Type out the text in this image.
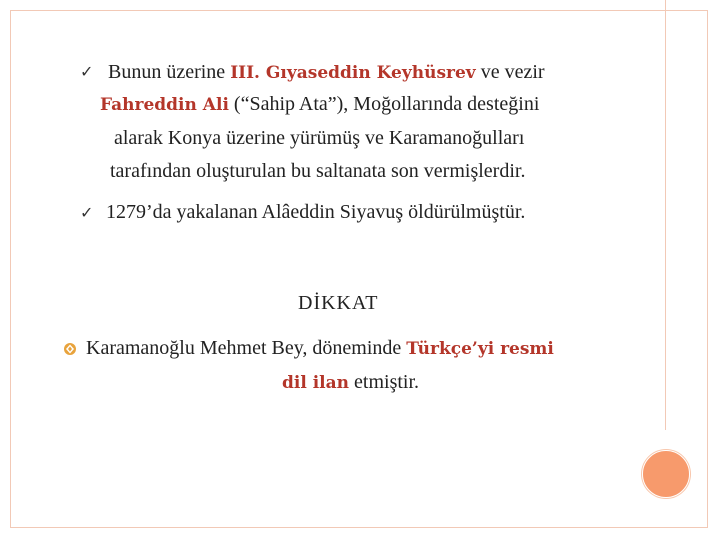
✓ Bunun üzerine III. Gıyaseddin Keyhüsrev ve vezir
Fahreddin Ali (“Sahip Ata”), Moğollarında desteğini
alarak Konya üzerine yürümüş ve Karamanoğulları
tarafından oluşturulan bu saltanata son vermişlerdir.
✓ 1279’da yakalanan Alâeddin Siyavuş öldürülmüştür.
DİKKAT
Karamanoğlu Mehmet Bey, döneminde Türkçe’yi resmi
dil ilan etmiştir.
